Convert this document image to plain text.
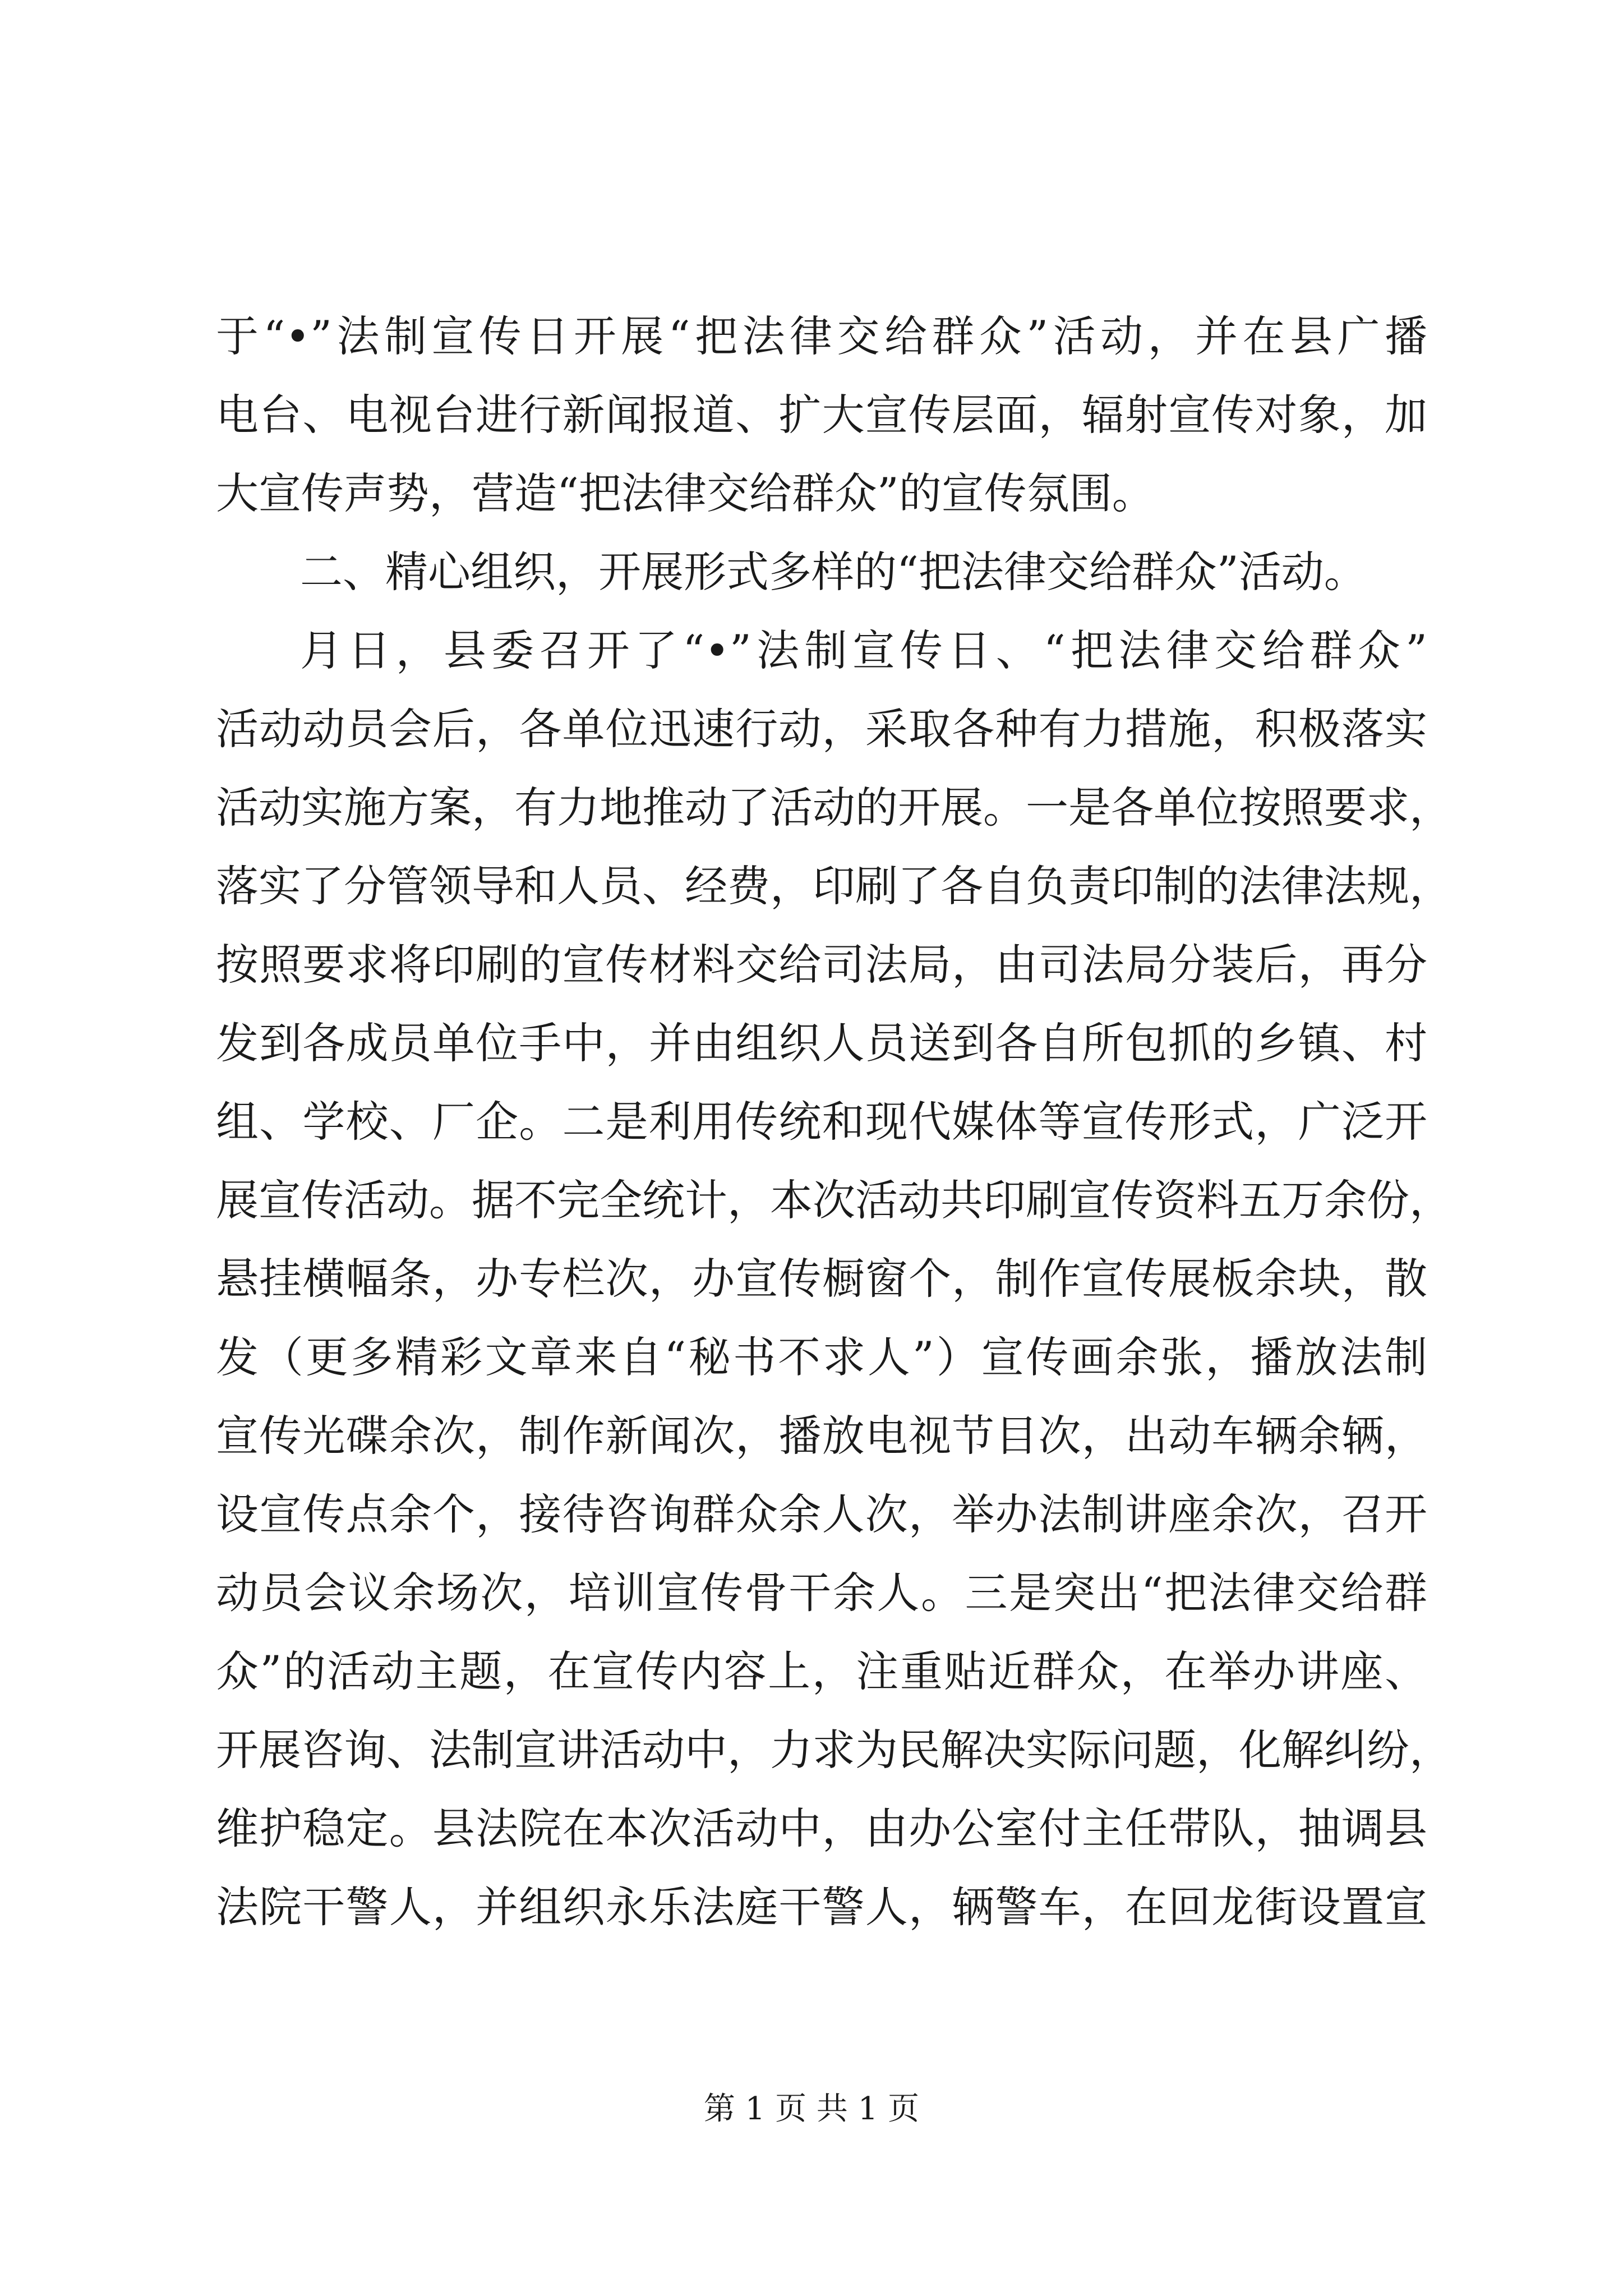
于“•”法制宣传日开展“把法律交给群众”活动，并在县广播
电台、电视台进行新闻报道、扩大宣传层面，辐射宣传对象，加
大宣传声势，营造“把法律交给群众”的宣传氛围。
二、精心组织，开展形式多样的“把法律交给群众”活动。
月日，县委召开了“•”法制宣传日、“把法律交给群众”
活动动员会后，各单位迅速行动，采取各种有力措施，积极落实
活动实施方案，有力地推动了活动的开展。一是各单位按照要求，
落实了分管领导和人员、经费，印刷了各自负责印制的法律法规，
按照要求将印刷的宣传材料交给司法局，由司法局分装后，再分
发到各成员单位手中，并由组织人员送到各自所包抓的乡镇、村
组、学校、厂企。二是利用传统和现代媒体等宣传形式，广泛开
展宣传活动。据不完全统计，本次活动共印刷宣传资料五万余份，
悬挂横幅条，办专栏次，办宣传橱窗个，制作宣传展板余块，散
发（更多精彩文章来自“秘书不求人”）宣传画余张，播放法制
宣传光碟余次，制作新闻次，播放电视节目次，出动车辆余辆，
设宣传点余个，接待咨询群众余人次，举办法制讲座余次，召开
动员会议余场次，培训宣传骨干余人。三是突出“把法律交给群
众”的活动主题，在宣传内容上，注重贴近群众，在举办讲座、
开展咨询、法制宣讲活动中，力求为民解决实际问题，化解纠纷，
维护稳定。县法院在本次活动中，由办公室付主任带队，抽调县
法院干警人，并组织永乐法庭干警人，辆警车，在回龙街设置宣
第 1 页 共 1 页
